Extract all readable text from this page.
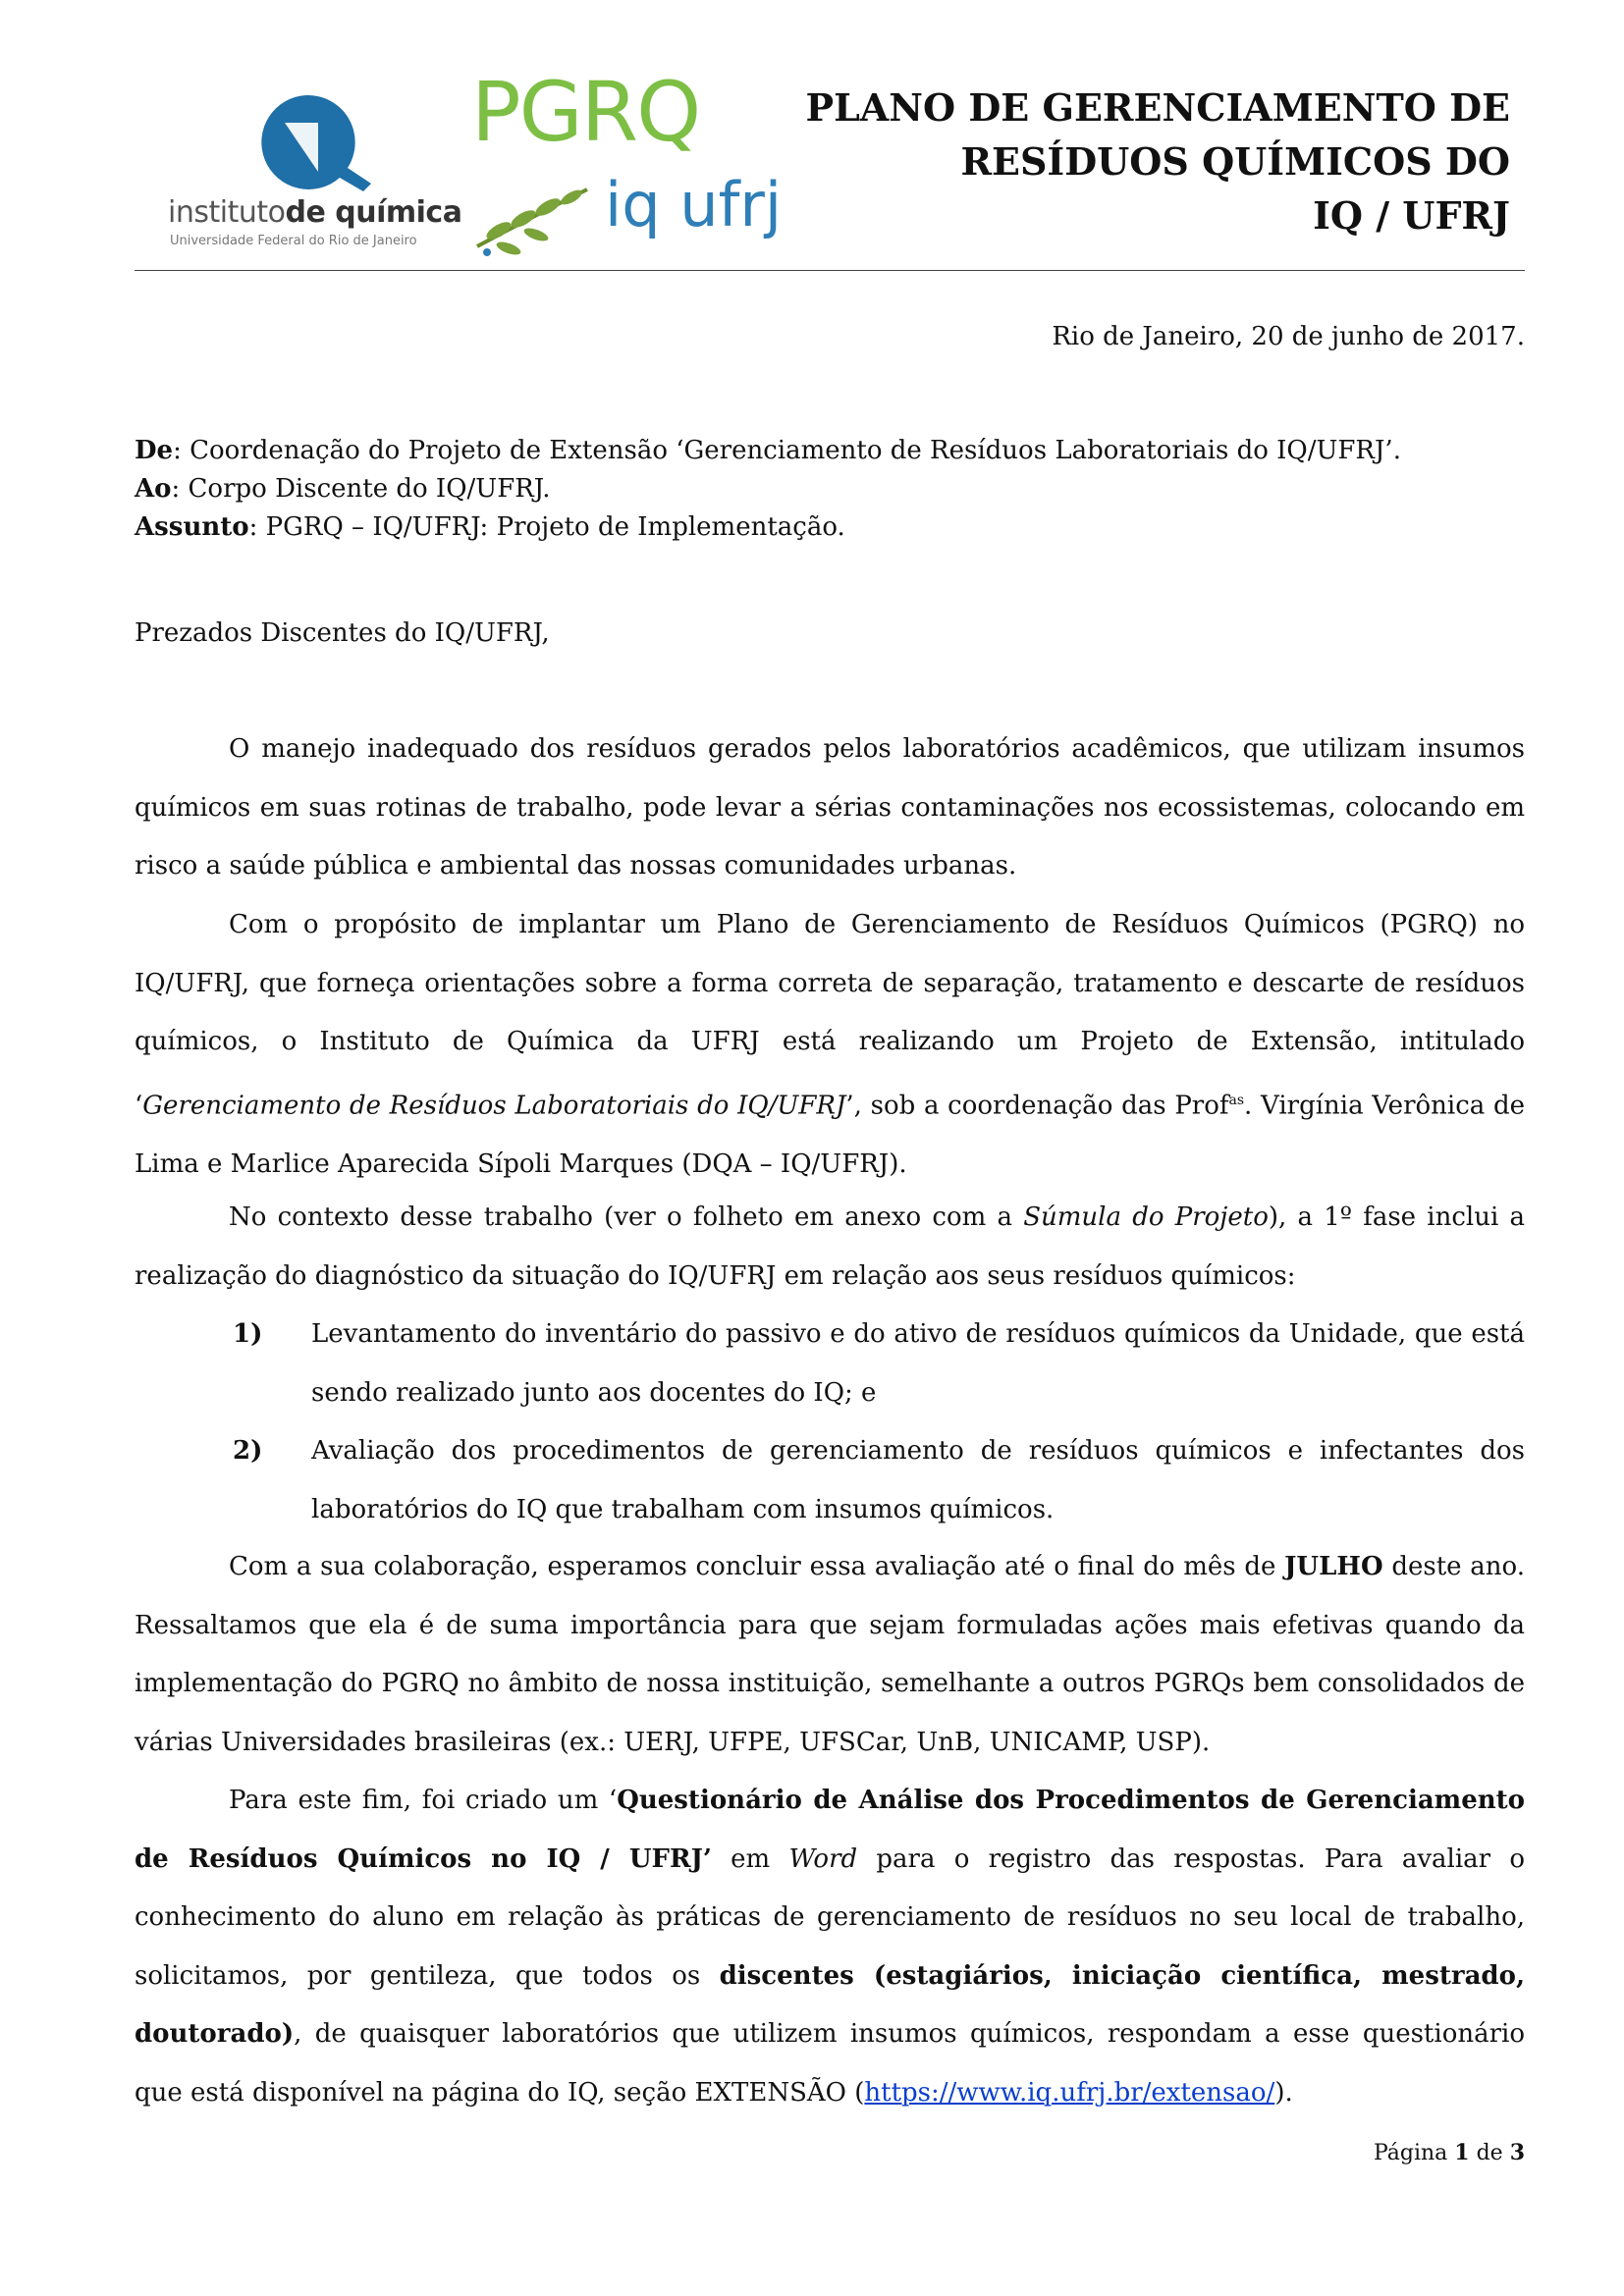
institutode química
Universidade Federal do Rio de Janeiro
PGRQ
iq ufrj
PLANO DE GERENCIAMENTO DE
RESÍDUOS QUÍMICOS DO
IQ / UFRJ
Rio de Janeiro, 20 de junho de 2017.
De: Coordenação do Projeto de Extensão ‘Gerenciamento de Resíduos Laboratoriais do IQ/UFRJ’.
Ao: Corpo Discente do IQ/UFRJ.
Assunto: PGRQ – IQ/UFRJ: Projeto de Implementação.
Prezados Discentes do IQ/UFRJ,
O manejo inadequado dos resíduos gerados pelos laboratórios acadêmicos, que utilizam insumos químicos em suas rotinas de trabalho, pode levar a sérias contaminações nos ecossistemas, colocando em risco a saúde pública e ambiental das nossas comunidades urbanas.
Com o propósito de implantar um Plano de Gerenciamento de Resíduos Químicos (PGRQ) no IQ/UFRJ, que forneça orientações sobre a forma correta de separação, tratamento e descarte de resíduos químicos, o Instituto de Química da UFRJ está realizando um Projeto de Extensão, intitulado ‘Gerenciamento de Resíduos Laboratoriais do IQ/UFRJ’, sob a coordenação das Prof$^{as}$. Virgínia Verônica de Lima e Marlice Aparecida Sípoli Marques (DQA – IQ/UFRJ).
No contexto desse trabalho (ver o folheto em anexo com a Súmula do Projeto), a 1º fase inclui a realização do diagnóstico da situação do IQ/UFRJ em relação aos seus resíduos químicos:
1) Levantamento do inventário do passivo e do ativo de resíduos químicos da Unidade, que está sendo realizado junto aos docentes do IQ; e
2) Avaliação dos procedimentos de gerenciamento de resíduos químicos e infectantes dos laboratórios do IQ que trabalham com insumos químicos.
Com a sua colaboração, esperamos concluir essa avaliação até o final do mês de JULHO deste ano. Ressaltamos que ela é de suma importância para que sejam formuladas ações mais efetivas quando da implementação do PGRQ no âmbito de nossa instituição, semelhante a outros PGRQs bem consolidados de várias Universidades brasileiras (ex.: UERJ, UFPE, UFSCar, UnB, UNICAMP, USP).
Para este fim, foi criado um ‘Questionário de Análise dos Procedimentos de Gerenciamento de Resíduos Químicos no IQ / UFRJ’ em Word para o registro das respostas. Para avaliar o conhecimento do aluno em relação às práticas de gerenciamento de resíduos no seu local de trabalho, solicitamos, por gentileza, que todos os discentes (estagiários, iniciação científica, mestrado, doutorado), de quaisquer laboratórios que utilizem insumos químicos, respondam a esse questionário que está disponível na página do IQ, seção EXTENSÃO (https://www.iq.ufrj.br/extensao/).
Página 1 de 3
